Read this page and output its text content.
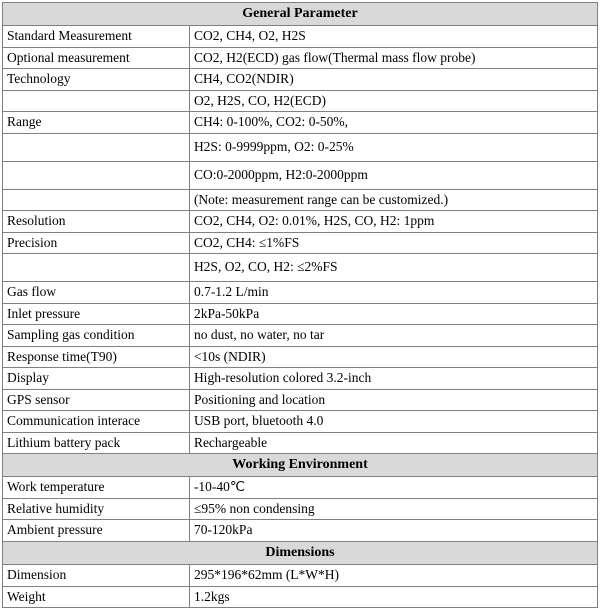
General Parameter	
Standard Measurement	CO2, CH4, O2, H2S
Optional measurement	CO2, H2(ECD) gas flow(Thermal mass flow probe)
Technology	CH4, CO2(NDIR)
	O2, H2S, CO, H2(ECD)
Range	CH4: 0-100%, CO2: 0-50%,
	H2S: 0-9999ppm, O2: 0-25%
	CO:0-2000ppm, H2:0-2000ppm
	(Note: measurement range can be customized.)
Resolution	CO2, CH4, O2: 0.01%, H2S, CO, H2: 1ppm
Precision	CO2, CH4: ≤1%FS
	H2S, O2, CO, H2: ≤2%FS
Gas flow	0.7-1.2 L/min
Inlet pressure	2kPa-50kPa
Sampling gas condition	no dust, no water, no tar
Response time(T90)	<10s (NDIR)
Display	High-resolution colored 3.2-inch
GPS sensor	Positioning and location
Communication interace	USB port, bluetooth 4.0
Lithium battery pack	Rechargeable
Working Environment	
Work temperature	-10-40℃
Relative humidity	≤95% non condensing
Ambient pressure	70-120kPa
Dimensions	
Dimension	295*196*62mm (L*W*H)
Weight	1.2kgs
